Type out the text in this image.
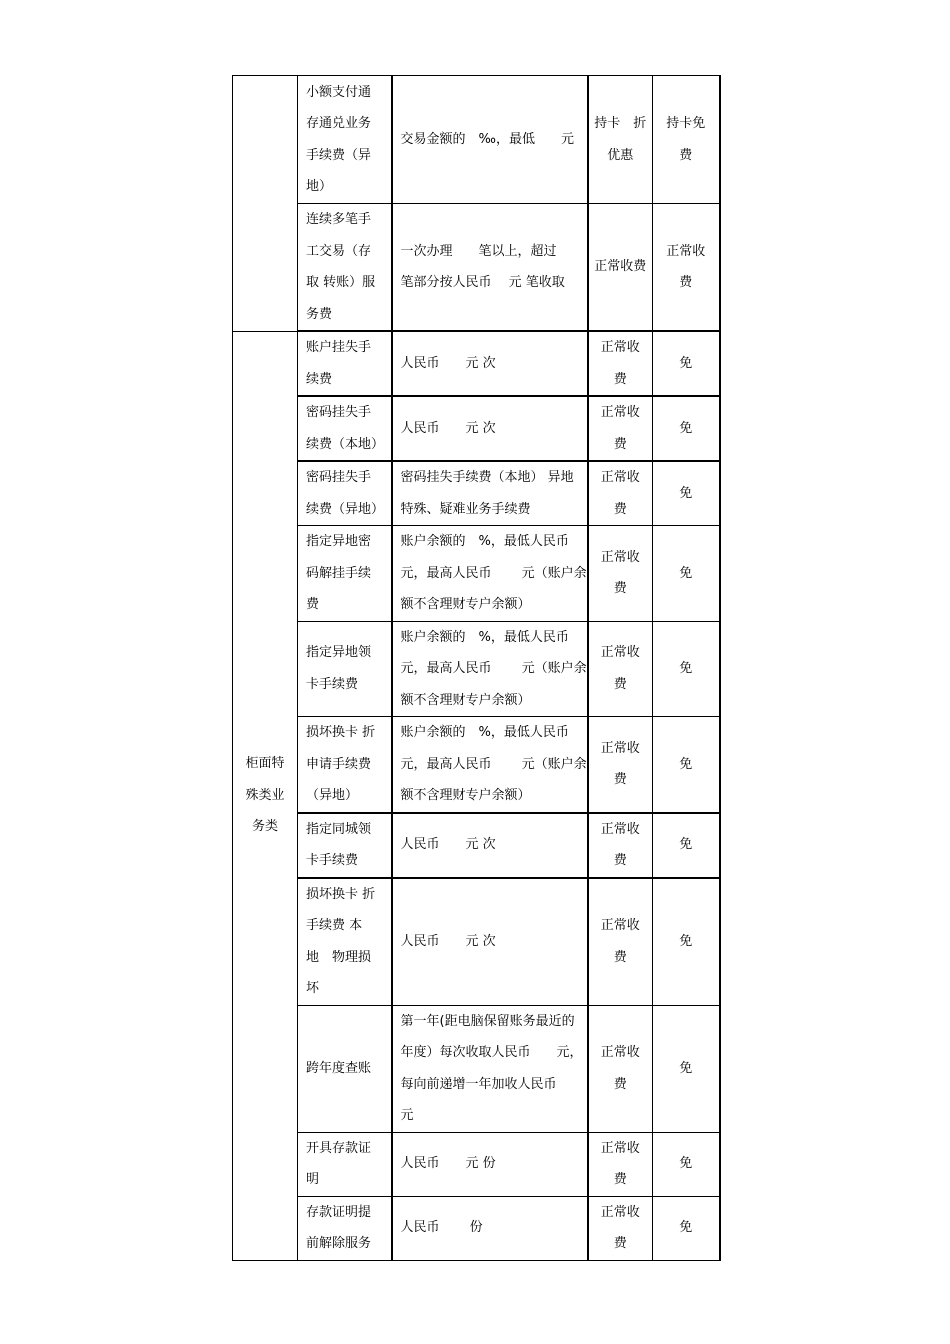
	小额支付通
存通兑业务
手续费（异
地）	交易金额的　‰，最低　　元	持卡　折
优惠	持卡免
费

	连续多笔手
工交易（存
取 转账）服
务费	一次办理　　笔以上，超过
笔部分按人民币　 元 笔收取	正常收费	正常收
费

柜面特
殊类业
务类	账户挂失手
续费	人民币　　元 次	正常收
费	免

	密码挂失手
续费（本地）	人民币　　元 次	正常收
费	免

	密码挂失手
续费（异地）	密码挂失手续费（本地） 异地
特殊、疑难业务手续费	正常收
费	免

	指定异地密
码解挂手续
费	账户余额的　%，最低人民币
元，最高人民币　　 元（账户余
额不含理财专户余额）	正常收
费	免

	指定异地领
卡手续费	账户余额的　%，最低人民币
元，最高人民币　　 元（账户余
额不含理财专户余额）	正常收
费	免

	损坏换卡 折
申请手续费
（异地）	账户余额的　%，最低人民币
元，最高人民币　　 元（账户余
额不含理财专户余额）	正常收
费	免

	指定同城领
卡手续费	人民币　　元 次	正常收
费	免

	损坏换卡 折
手续费 本
地　物理损
坏	人民币　　元 次	正常收
费	免

	跨年度查账	第一年(距电脑保留账务最近的
年度）每次收取人民币　　元，
每向前递增一年加收人民币
元	正常收
费	免

	开具存款证
明	人民币　　元 份	正常收
费	免

	存款证明提
前解除服务	人民币　　 份	正常收
费	免
